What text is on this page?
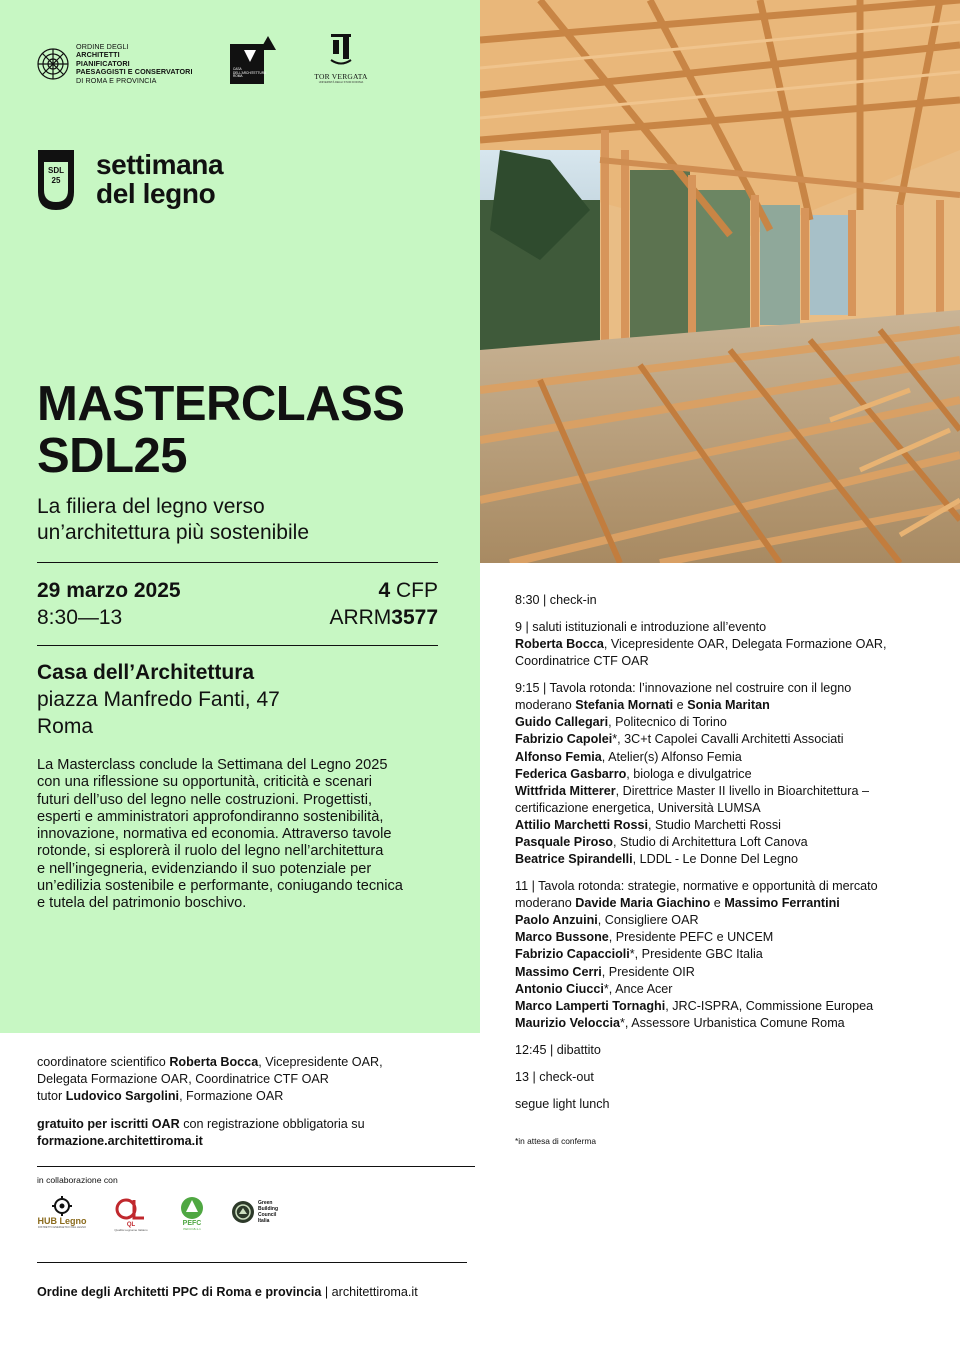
ORDINE DEGLI
ARCHITETTI
PIANIFICATORI
PAESAGGISTI E CONSERVATORI
DI ROMA E PROVINCIA
CASA DELL'ARCHITETTURA ROMA	TOR VERGATA
UNIVERSITÀ DEGLI STUDI DI ROMA
SDL
25
settimana
del legno
MASTERCLASS
SDL25
La filiera del legno verso
un’architettura più sostenibile
29 marzo 2025
8:30—13
4 CFP
ARRM3577
Casa dell’Architettura
piazza Manfredo Fanti, 47
Roma
La Masterclass conclude la Settimana del Legno 2025
con una riflessione su opportunità, criticità e scenari
futuri dell’uso del legno nelle costruzioni. Progettisti,
esperti e amministratori approfondiranno sostenibilità,
innovazione, normativa ed economia. Attraverso tavole
rotonde, si esplorerà il ruolo del legno nell’architettura
e nell’ingegneria, evidenziando il suo potenziale per
un’edilizia sostenibile e performante, coniugando tecnica
e tutela del patrimonio boschivo.
coordinatore scientifico Roberta Bocca, Vicepresidente OAR,
Delegata Formazione OAR, Coordinatrice CTF OAR
tutor Ludovico Sargolini, Formazione OAR
gratuito per iscritti OAR con registrazione obbligatoria su
formazione.architettiroma.it
in collaborazione con
HUB Legno
DISTRETTO ENERGETICO DEL LEGNO	QL
Qualità Legname Italiano
PEFC
PEFC/18-1-1
Green Building Council Italia
Ordine degli Architetti PPC di Roma e provincia | architettiroma.it
8:30 | check-in
9 | saluti istituzionali e introduzione all’evento
Roberta Bocca, Vicepresidente OAR, Delegata Formazione OAR,
Coordinatrice CTF OAR
9:15 | Tavola rotonda: l’innovazione nel costruire con il legno
moderano Stefania Mornati e Sonia Maritan
Guido Callegari, Politecnico di Torino
Fabrizio Capolei*, 3C+t Capolei Cavalli Architetti Associati
Alfonso Femia, Atelier(s) Alfonso Femia
Federica Gasbarro, biologa e divulgatrice
Wittfrida Mitterer, Direttrice Master II livello in Bioarchitettura –
certificazione energetica, Università LUMSA
Attilio Marchetti Rossi, Studio Marchetti Rossi
Pasquale Piroso, Studio di Architettura Loft Canova
Beatrice Spirandelli, LDDL - Le Donne Del Legno
11 | Tavola rotonda: strategie, normative e opportunità di mercato
moderano Davide Maria Giachino e Massimo Ferrantini
Paolo Anzuini, Consigliere OAR
Marco Bussone, Presidente PEFC e UNCEM
Fabrizio Capaccioli*, Presidente GBC Italia
Massimo Cerri, Presidente OIR
Antonio Ciucci*, Ance Acer
Marco Lamperti Tornaghi, JRC-ISPRA, Commissione Europea
Maurizio Veloccia*, Assessore Urbanistica Comune Roma
12:45 | dibattito
13 | check-out
segue light lunch
*in attesa di conferma
